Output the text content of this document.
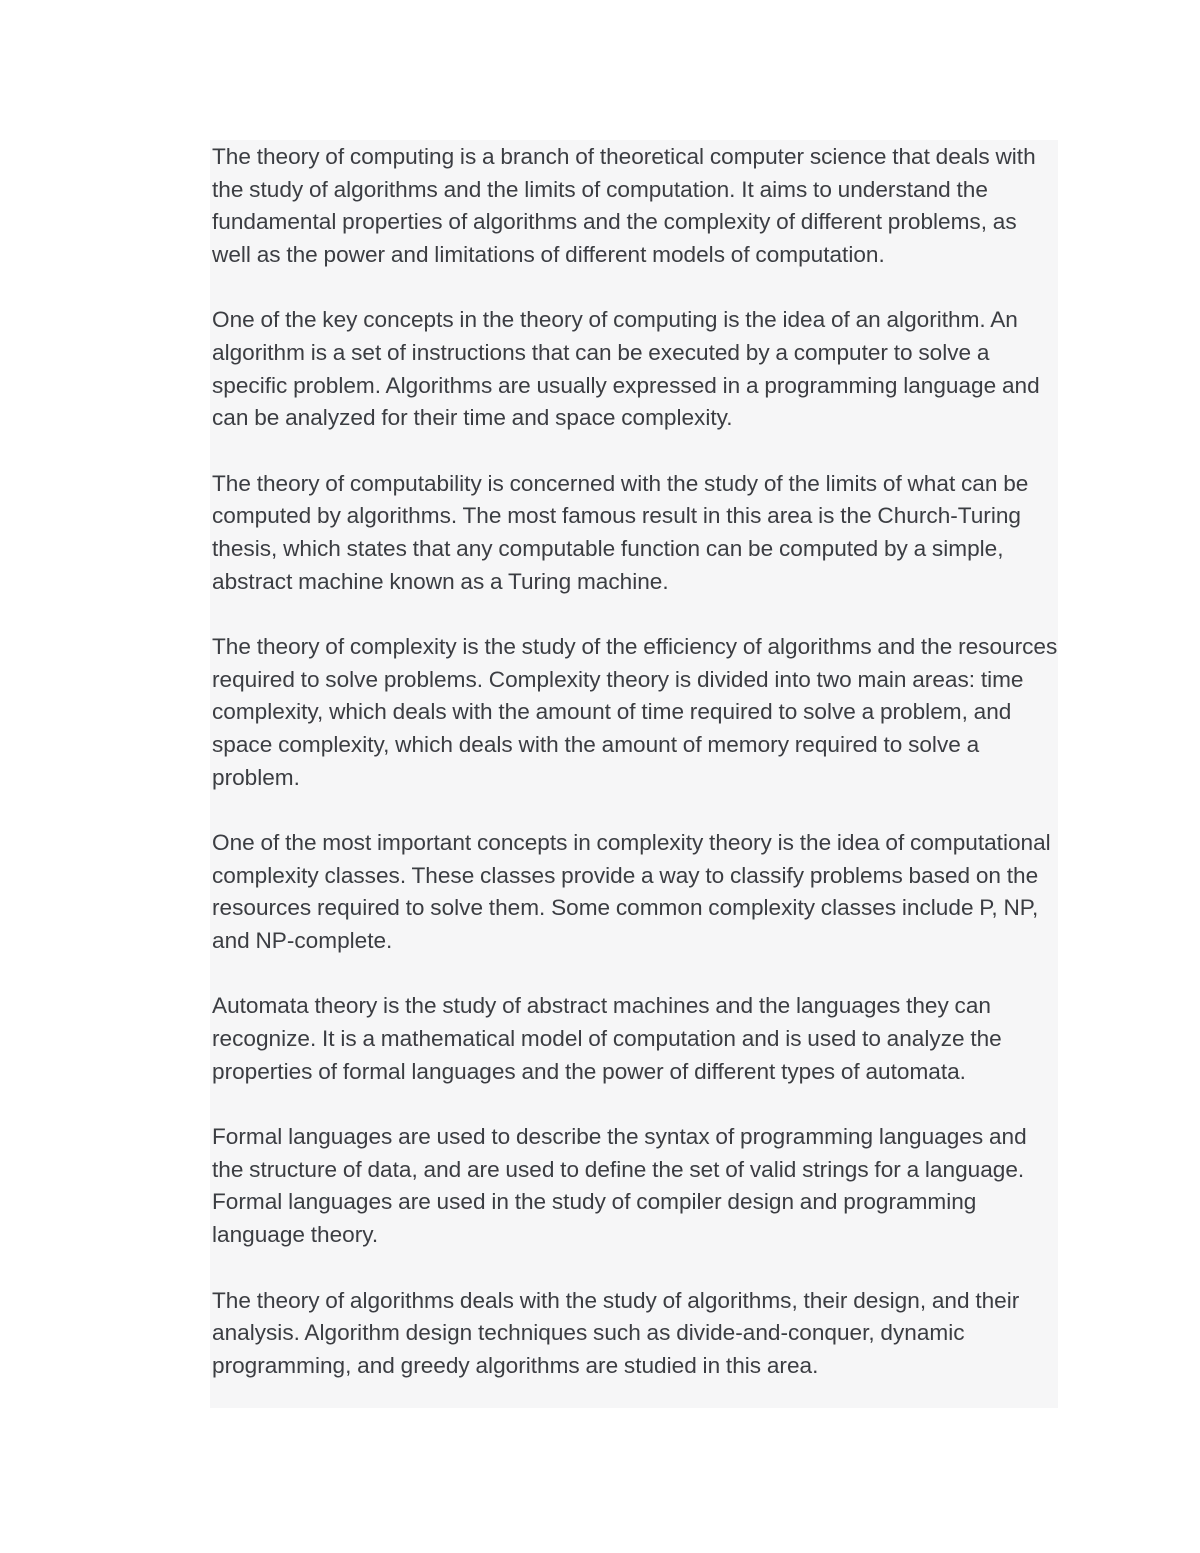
The theory of computing is a branch of theoretical computer science that deals with the study of algorithms and the limits of computation. It aims to understand the fundamental properties of algorithms and the complexity of different problems, as well as the power and limitations of different models of computation.

One of the key concepts in the theory of computing is the idea of an algorithm. An algorithm is a set of instructions that can be executed by a computer to solve a specific problem. Algorithms are usually expressed in a programming language and can be analyzed for their time and space complexity.

The theory of computability is concerned with the study of the limits of what can be computed by algorithms. The most famous result in this area is the Church-Turing thesis, which states that any computable function can be computed by a simple, abstract machine known as a Turing machine.

The theory of complexity is the study of the efficiency of algorithms and the resources required to solve problems. Complexity theory is divided into two main areas: time complexity, which deals with the amount of time required to solve a problem, and space complexity, which deals with the amount of memory required to solve a problem.

One of the most important concepts in complexity theory is the idea of computational complexity classes. These classes provide a way to classify problems based on the resources required to solve them. Some common complexity classes include P, NP, and NP-complete.

Automata theory is the study of abstract machines and the languages they can recognize. It is a mathematical model of computation and is used to analyze the properties of formal languages and the power of different types of automata.

Formal languages are used to describe the syntax of programming languages and the structure of data, and are used to define the set of valid strings for a language. Formal languages are used in the study of compiler design and programming language theory.

The theory of algorithms deals with the study of algorithms, their design, and their analysis. Algorithm design techniques such as divide-and-conquer, dynamic programming, and greedy algorithms are studied in this area.
